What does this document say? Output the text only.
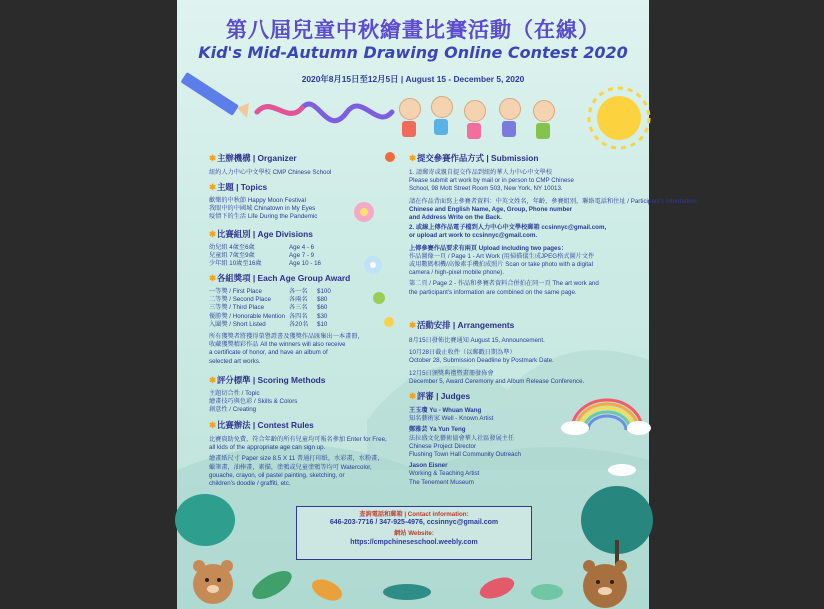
第八屆兒童中秋繪畫比賽活動（在線）
Kid's Mid-Autumn Drawing Online Contest 2020
2020年8月15日至12月5日 | August 15 - December 5, 2020
✱主辦機構 | Organizer
紐約人力中心中文學校 CMP Chinese School
✱主題 | Topics
歡樂的中秋節 Happy Moon Festival
我眼中的中國城 Chinatown in My Eyes
疫情下的生活 Life During the Pandemic
✱比賽組別 | Age Divisions
幼兒組 4歲至6歲	Age 4 - 6
兒童組 7歲至9歲	Age 7 - 9
少年組 10歲至16歲	Age 10 - 16
✱各組獎項 | Each Age Group Award
一等獎 / First Place	各一名 $100
二等獎 / Second Place	各兩名 $80
三等獎 / Third Place	各三名 $60
優勝獎 / Honorable Mention 各四名 $30
入圍獎 / Short Listed	各20名 $10
所有獲獎者將獲得榮譽證書及獲獎作品匯集出一本畫冊，
收藏獲獎精彩作品 All the winners will also receive
a certificate of honor, and have an album of
selected art works.
✱評分標準 | Scoring Methods
主題切合性 / Topic
繪畫技巧與色彩 / Skills & Colors
創意性 / Creating
✱比賽辦法 | Contest Rules
比賽資助免費，符合年齡的所有兒童均可報名參加 Enter for Free,
all kids of the appropriate age can sign up.
繪畫紙尺寸 Paper size 8.5 X 11 普通打印紙，水彩畫，水粉畫，
蠟筆畫，油棒畫，素描，塗鴉或兒童塗鴉等均可 Watercolor,
gouache, crayon, oil pastel painting, sketching, or
children's doodle / graffiti, etc.
✱提交參賽作品方式 | Submission
1. 請郵寄或親自提交作品到紐約華人力中心中文學校
Please submit art work by mail or in person to CMP Chinese
School, 98 Mott Street Room 503, New York, NY 10013.
請在作品背面寫上參賽者資料：中英文姓名，年齡，參賽組別，聯絡電話和住址 / Participant's information:
Chinese and English Name, Age, Group, Phone number
and Address Write on the Back.
2. 或線上傳作品電子檔到人力中心中文學校郵箱 ccsinnyc@gmail.com,
or upload art work to ccsinnyc@gmail.com.
上傳參賽作品要求有兩頁 Upload including two pages：
作品圖像一頁 / Page 1 - Art Work (用掃描儀生成JPEG格式圖片文件
或用數碼相機/高像素手機拍成照片 Scan or take photo with a digital
camera / high-pixel mobile phone).
第二頁 / Page 2 - 作品和參賽者資料合併拍在同一頁 The art work and
the participant's information are combined on the same page.
✱活動安排 | Arrangements
8月15日發佈比賽通知 August 15, Announcement.
10月28日截止收件（以郵戳日期為準）
October 28, Submission Deadline by Postmark Date.
12月5日頒獎典禮暨畫冊發佈會
December 5, Award Ceremony and Album Release Conference.
✱評審 | Judges
王玉瓊 Yu - Whuan Wang
知名藝術家 Well - Known Artist
鄭雅芸 Ya Yun Teng
法拉盛文化藝術協會華人社區發展主任
Chinese Project Director
Flushing Town Hall Community Outreach
Jason Eisner
Working & Teaching Artist
The Tenement Museum
查詢電話和郵箱 | Contact information:
646-203-7716 / 347-925-4976, ccsinnyc@gmail.com
網站 Website:
https://cmpchineseschool.weebly.com
